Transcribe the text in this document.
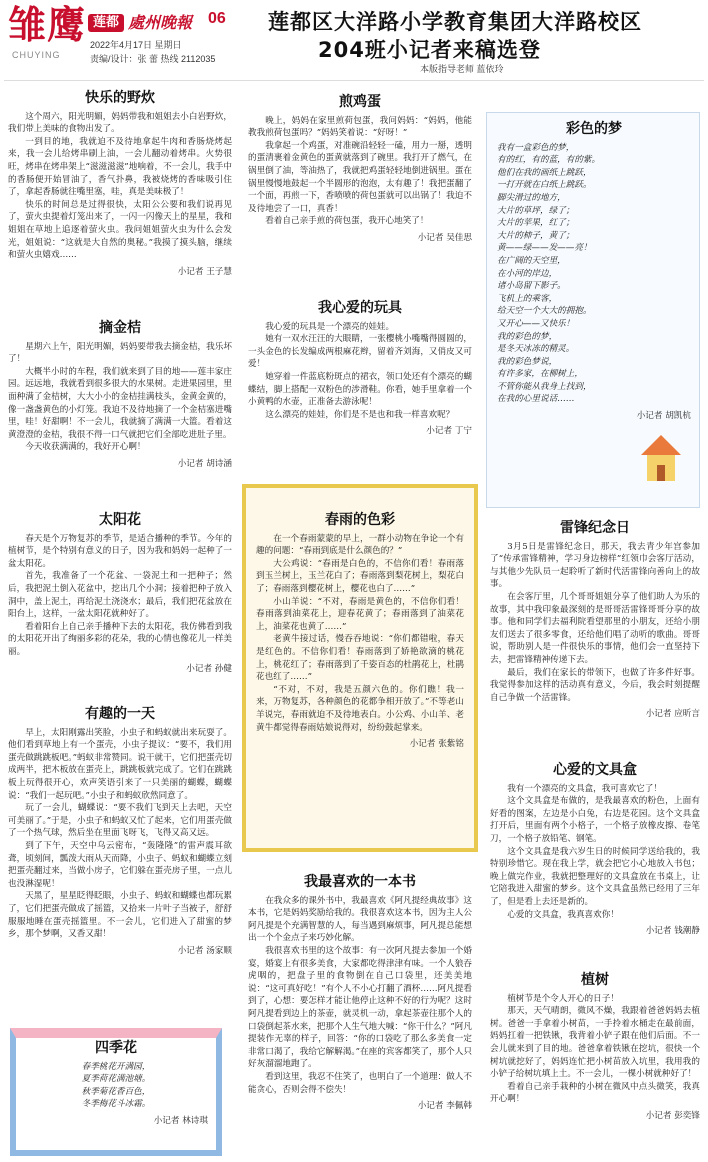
雏鹰
CHUYING
莲都 處州晚報 06
2022年4月17日 星期日
责编/设计：张 蕾 热线 2112035
莲都区大洋路小学教育集团大洋路校区
204班小记者来稿选登
本版指导老师 蓝依玲
快乐的野炊

这个周六，阳光明媚，妈妈带我和姐姐去小白岩野炊，我们带上美味的食物出发了。

一到目的地，我就迫不及待地拿起牛肉和香肠烧烤起来，我一会儿给烤串刷上油，一会儿翻动着烤串。火势很旺，烤串在烤串架上“滋滋滋滋”地响着，不一会儿，我手中的香肠便开始冒油了，香气扑鼻，我被烧烤的香味吸引住了，拿起香肠就往嘴里塞，哇，真是美味极了！

快乐的时间总是过得很快，太阳公公要和我们说再见了，萤火虫提着灯笼出来了，一闪一闪像天上的星星，我和姐姐在草地上追逐着萤火虫。我问姐姐萤火虫为什么会发光，姐姐说：“这就是大自然的奥秘。”我摸了摸头脑，继续和萤火虫嬉戏……

小记者 王子慧
摘金桔

星期六上午，阳光明媚，妈妈要带我去摘金桔，我乐坏了！

大概半小时的车程，我们就来到了目的地——莲丰家庄园。远远地，我就看到很多很大的水果树。走进果园里，里面种满了金桔树，大大小小的金桔挂满枝头，金黄金黄的，像一盏盏黄色的小灯笼。我迫不及待地摘了一个金桔塞进嘴里，哇！好甜啊！不一会儿，我就摘了满满一大篮。看着这黄澄澄的金桔，我很不得一口气就把它们全部吃进肚子里。

今天收获满满的，我好开心啊！

小记者 胡诗涵
太阳花

春天是个万物复苏的季节，是适合播种的季节。今年的植树节，是个特别有意义的日子，因为我和妈妈一起种了一盆太阳花。

首先，我准备了一个花盆、一袋泥土和一把种子；然后，我把泥土倒入花盆中，挖出几个小洞；接着把种子放入洞中，盖上泥土，再给泥土浇浇水；最后，我们把花盆放在阳台上，这样，一盆太阳花就种好了。

看着阳台上自己亲手播种下去的太阳花，我仿佛看到我的太阳花开出了绚丽多彩的花朵，我的心情也像花儿一样美丽。

小记者 孙健
有趣的一天

早上，太阳刚露出笑脸，小虫子和蚂蚁就出来玩耍了。他们看到草地上有一个蛋壳，小虫子提议：“要不，我们用蛋壳做跳跳板吧。”蚂蚁非常赞同。说干就干，它们把蛋壳切成两半，把木板放在蛋壳上，跳跳板就完成了。它们在跳跳板上玩得很开心，欢声笑语引来了一只美丽的蝴蝶，蝴蝶说：“我们一起玩吧。”小虫子和蚂蚁欣然同意了。

玩了一会儿，蝴蝶说：“要不我们飞到天上去吧，天空可美丽了。”于是，小虫子和蚂蚁又忙了起来，它们用蛋壳做了一个热气球，然后坐在里面飞呀飞，飞得又高又远。

到了下午，天空中乌云密布，“轰隆隆”的雷声震耳欲聋，顷刻间，瓢泼大雨从天而降，小虫子、蚂蚁和蝴蝶立刻把蛋壳翻过来，当做小房子，它们躲在蛋壳房子里，一点儿也没淋湿呢！

天黑了，星星眨得眨眼，小虫子、蚂蚁和蝴蝶也都玩累了，它们把蛋壳做成了摇篮，又拾来一片叶子当被子，舒舒服服地睡在蛋壳摇篮里。不一会儿，它们进入了甜蜜的梦乡，那个梦啊，又香又甜！

小记者 汤家顺
四季花

春季桃花开满园，

夏季荷花满池塘。

秋季菊花香百色，

冬季梅花斗冰霜。

小记者 林诗琪
煎鸡蛋

晚上，妈妈在家里煎荷包蛋，我问妈妈：“妈妈，他能教我煎荷包蛋吗？”妈妈笑着说：“好呀！”

我拿起一个鸡蛋，对准碗沿轻轻一磕，用力一掰，透明的蛋清裹着金黄色的蛋黄就落到了碗里。我打开了燃气，在锅里倒了油，等油热了，我就把鸡蛋轻轻地倒进锅里。蛋在锅里慢慢地鼓起一个半圆形的泡泡，太有趣了！我把蛋翻了一个面，再煎一下，香喷喷的荷包蛋就可以出锅了！我迫不及待地尝了一口，真香！

看着自己亲手煎的荷包蛋，我开心地笑了！

小记者 吴佳思
我心爱的玩具

我心爱的玩具是一个漂亮的娃娃。

她有一双水汪汪的大眼睛，一张樱桃小嘴嘴得圆圆的，一头金色的长发编成两根麻花辫，留着齐刘海，又俏皮又可爱！

她穿着一件蓝底粉斑点的裙衣，领口处还有个漂亮的蝴蝶结，脚上搭配一双粉色的涉滑鞋。你看，她手里拿着一个小黄鸭的水壶，正准备去游泳呢！

这么漂亮的娃娃，你们是不是也和我一样喜欢呢？

小记者 丁宁
春雨的色彩

在一个春雨蒙蒙的早上，一群小动物在争论一个有趣的问题：“春雨到底是什么颜色的？”

大公鸡说：“春雨是白色的，不信你们看！春雨落到玉兰树上，玉兰花白了；春雨落到梨花树上，梨花白了；春雨落到樱花树上，樱花也白了……”

小山羊说：“不对，春雨是黄色的，不信你们看！春雨落到油菜花上，迎春花黄了；春雨落到了油菜花上，油菜花也黄了……”

老黄牛接过话，慢吞吞地说：“你们都错啦，春天是红色的。不信你们看！春雨落到了娇艳欲滴的桃花上，桃花红了；春雨落到了千姿百态的杜鹃花上，杜鹃花也红了……”

“不对，不对，我是五颜六色的。你们瞧！我一来，万物复苏，各种颜色的花都争相开放了。”不等老山羊说完，春雨就迫不及待地表白。小公鸡、小山羊、老黄牛都觉得春雨姑娘说得对，纷纷鼓起掌来。

小记者 张紫铭
我最喜欢的一本书

在我众多的课外书中，我最喜欢《阿凡提经典故事》这本书，它是妈妈奖励给我的。我很喜欢这本书，因为主人公阿凡提是个充满智慧的人，每当遇到麻烦事，阿凡提总能想出一个个金点子来巧妙化解。

我很喜欢书里的这个故事：有一次阿凡提去参加一个婚宴，婚宴上有很多美食，大家都吃得津津有味。一个人狼吞虎咽的，把盘子里的食物倒在自己口袋里，还美美地说：“这可真好吃！”有个人不小心打翻了酒杯……阿凡提看到了，心想：要怎样才能让他停止这种不好的行为呢？这时阿凡提看到边上的茶壶，就灵机一动，拿起茶壶往那个人的口袋倒起茶水来，把那个人生气地大喊：“你干什么？”阿凡提装作无辜的样子，回答：“你的口袋吃了那么多美食一定非常口渴了，我给它解解渴。”在座的宾客都笑了，那个人只好灰溜溜地跑了。

看到这里，我忍不住笑了，也明白了一个道理：做人不能贪心，否则会得不偿失！

小记者 李佩韩
彩色的梦

我有一盒彩色的梦，

有的红，有的蓝，有的紫。

他们在我的画纸上跳跃，

一打开就在白纸上跳跃。

脚尖滑过的地方，

大片的草坪，绿了；

大片的苹果，红了；

大片的柿子，黄了；

黄——绿——发——亮！

在广阔的天空里，

在小河的岸边，

诸小岛留下影子。

飞机上的乘客，

给天空一个大大的拥抱。

又开心——又快乐！

我的彩色的梦，

是冬天冰冻的精灵。

我的彩色梦说，

有许多家，在柳树上，

不管你能从我身上找到，

在我的心里说话……

小记者 胡凯杭
雷锋纪念日

3月5日是雷锋纪念日，那天，我去青少年宫参加了“传承雷锋精神，学习身边榜样”红领巾会客厅活动，与其他少先队员一起聆听了新时代活雷锋向善向上的故事。

在会客厅里，几个哥哥姐姐分享了他们助人为乐的故事，其中我印象最深刻的是哥哥活雷锋哥哥分享的故事。他和同学们去福利院看望那里的小朋友，还给小朋友们送去了很多零食，还给他们唱了动听的歌曲。哥哥说，帮助别人是一件很快乐的事情，他们会一直坚持下去，把雷锋精神传递下去。

最后，我们在家长的带领下，也做了许多件好事。我觉得参加这样的活动真有意义，今后，我会时刻提醒自己争做一个活雷锋。

小记者 应昕言
心爱的文具盒

我有一个漂亮的文具盒，我可喜欢它了！

这个文具盒是布做的，是我最喜欢的粉色，上面有好看的图案，左边是小白兔，右边是花园。这个文具盒打开后，里面有两个小格子，一个格子放橡皮擦、卷笔刀，一个格子放铅笔、钢笔。

这个文具盒是我六岁生日的时候同学送给我的，我特别珍惜它。现在我上学，就会把它小心地放入书包；晚上做完作业，我就把整理好的文具盒放在书桌上，让它陪我进入甜蜜的梦乡。这个文具盒虽然已经用了三年了，但是看上去还是新的。

心爱的文具盒，我真喜欢你！

小记者 钱潮静
植树

植树节是个令人开心的日子！

那天，天气晴朗，微风不燥，我跟着爸爸妈妈去植树。爸爸一手拿着小树苗，一手拎着水桶走在最前面，妈妈扛着一把铁锹，我背着小铲子跟在他们后面。不一会儿就来到了目的地。爸爸拿着铁锹在挖坑，很快一个树坑就挖好了，妈妈连忙把小树苗放入坑里，我用我的小铲子给树坑填上土。不一会儿，一棵小树就种好了！

看着自己亲手栽种的小树在微风中点头微笑，我真开心啊！

小记者 彭奕锋
